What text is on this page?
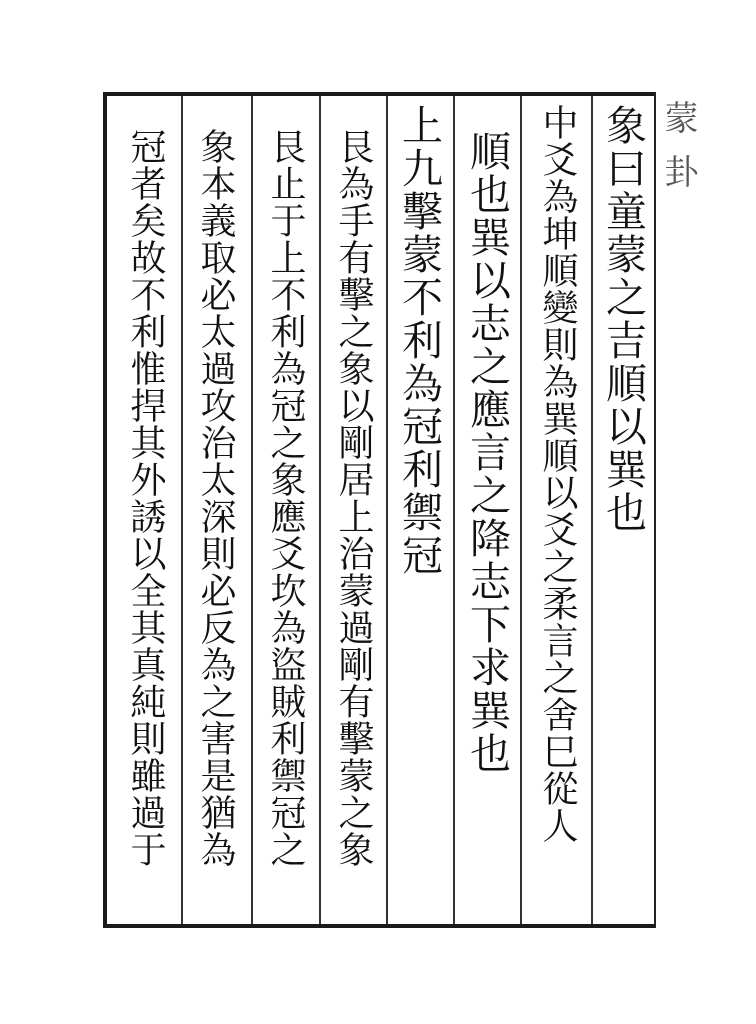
蒙卦
象曰童蒙之吉順以巽也
中爻為坤順變則為巽順以爻之柔言之舍巳從人
順也巽以志之應言之降志下求巽也
上九擊蒙不利為冠利禦冠
艮為手有擊之象以剛居上治蒙過剛有擊蒙之象
艮止于上不利為冠之象應爻坎為盜賊利禦冠之
象本義取必太過攻治太深則必反為之害是猶為
冠者矣故不利惟捍其外誘以全其真純則雖過于
